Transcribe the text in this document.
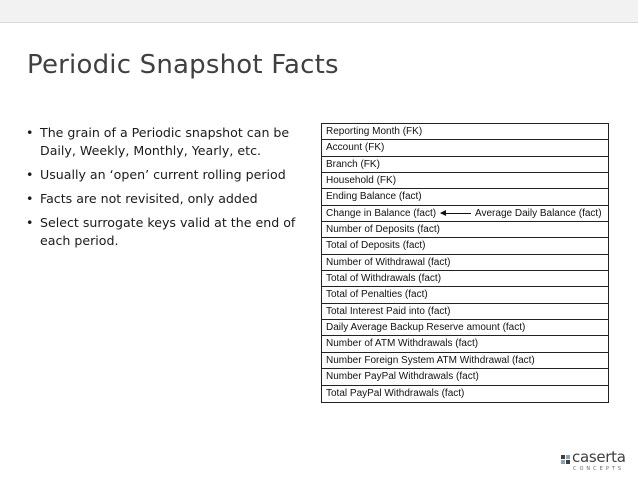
Periodic Snapshot Facts
• The grain of a Periodic snapshot can be Daily, Weekly, Monthly, Yearly, etc.
• Usually an ‘open’ current rolling period
• Facts are not revisited, only added
• Select surrogate keys valid at the end of each period.
Reporting Month (FK)
Account (FK)
Branch (FK)
Household (FK)
Ending Balance (fact)
Change in Balance (fact)	Average Daily Balance (fact)
Number of Deposits (fact)
Total of Deposits (fact)
Number of Withdrawal (fact)
Total of Withdrawals (fact)
Total of Penalties (fact)
Total Interest Paid into (fact)
Daily Average Backup Reserve amount (fact)
Number of ATM Withdrawals (fact)
Number Foreign System ATM Withdrawal (fact)
Number PayPal Withdrawals (fact)
Total PayPal Withdrawals (fact)
caserta
CONCEPTS
